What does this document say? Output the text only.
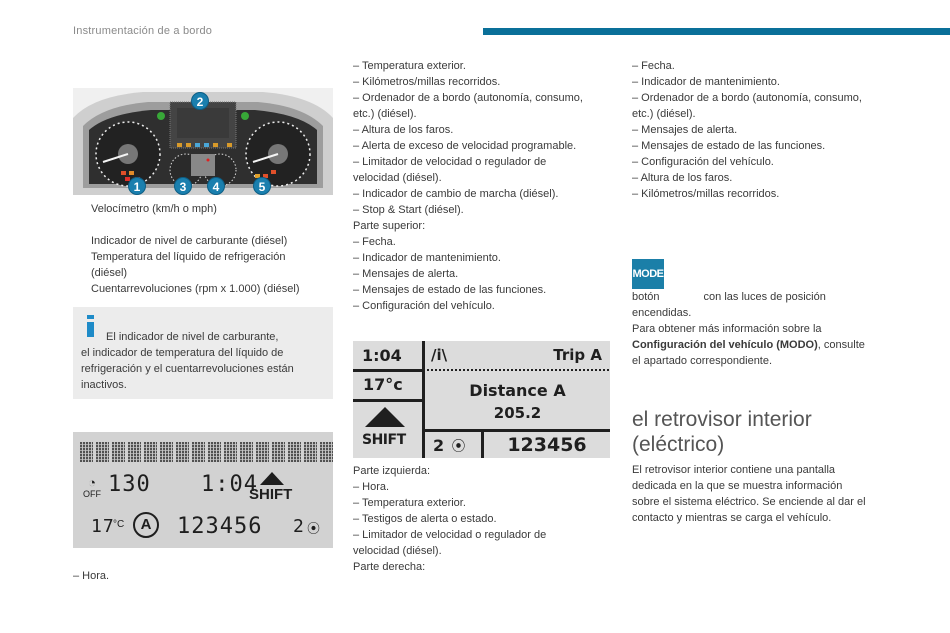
Instrumentación de a bordo
1
2
3	4	5
Velocímetro (km/h o mph)

Indicador de nivel de carburante (diésel)
Temperatura del líquido de refrigeración
(diésel)
Cuentarrevoluciones (rpm x 1.000) (diésel)
El indicador de nivel de carburante,
el indicador de temperatura del líquido de refrigeración y el cuentarrevoluciones están inactivos.
◔
OFF 130 1:04
SHIFT
17
°C	A	123456 2 ⦿
– Hora.
– Temperatura exterior.
– Kilómetros/millas recorridos.
– Ordenador de a bordo (autonomía, consumo,
etc.) (diésel).
– Altura de los faros.
– Alerta de exceso de velocidad programable.
– Limitador de velocidad o regulador de
velocidad (diésel).
– Indicador de cambio de marcha (diésel).
– Stop & Start (diésel).
Parte superior:
– Fecha.
– Indicador de mantenimiento.
– Mensajes de alerta.
– Mensajes de estado de las funciones.
– Configuración del vehículo.
1:04
17°c
SHIFT
/i\	Trip A
Distance A
205.2
2 ⦿	123456
Parte izquierda:
– Hora.
– Temperatura exterior.
– Testigos de alerta o estado.
– Limitador de velocidad o regulador de
velocidad (diésel).
Parte derecha:
– Fecha.
– Indicador de mantenimiento.
– Ordenador de a bordo (autonomía, consumo,
etc.) (diésel).
– Mensajes de alerta.
– Mensajes de estado de las funciones.
– Configuración del vehículo.
– Altura de los faros.
– Kilómetros/millas recorridos.
MODE
botón	con las luces de posición
encendidas.
Para obtener más información sobre la
Configuración del vehículo (MODO), consulte
el apartado correspondiente.
el retrovisor interior
(eléctrico)
El retrovisor interior contiene una pantalla
dedicada en la que se muestra información
sobre el sistema eléctrico. Se enciende al dar el
contacto y mientras se carga el vehículo.
